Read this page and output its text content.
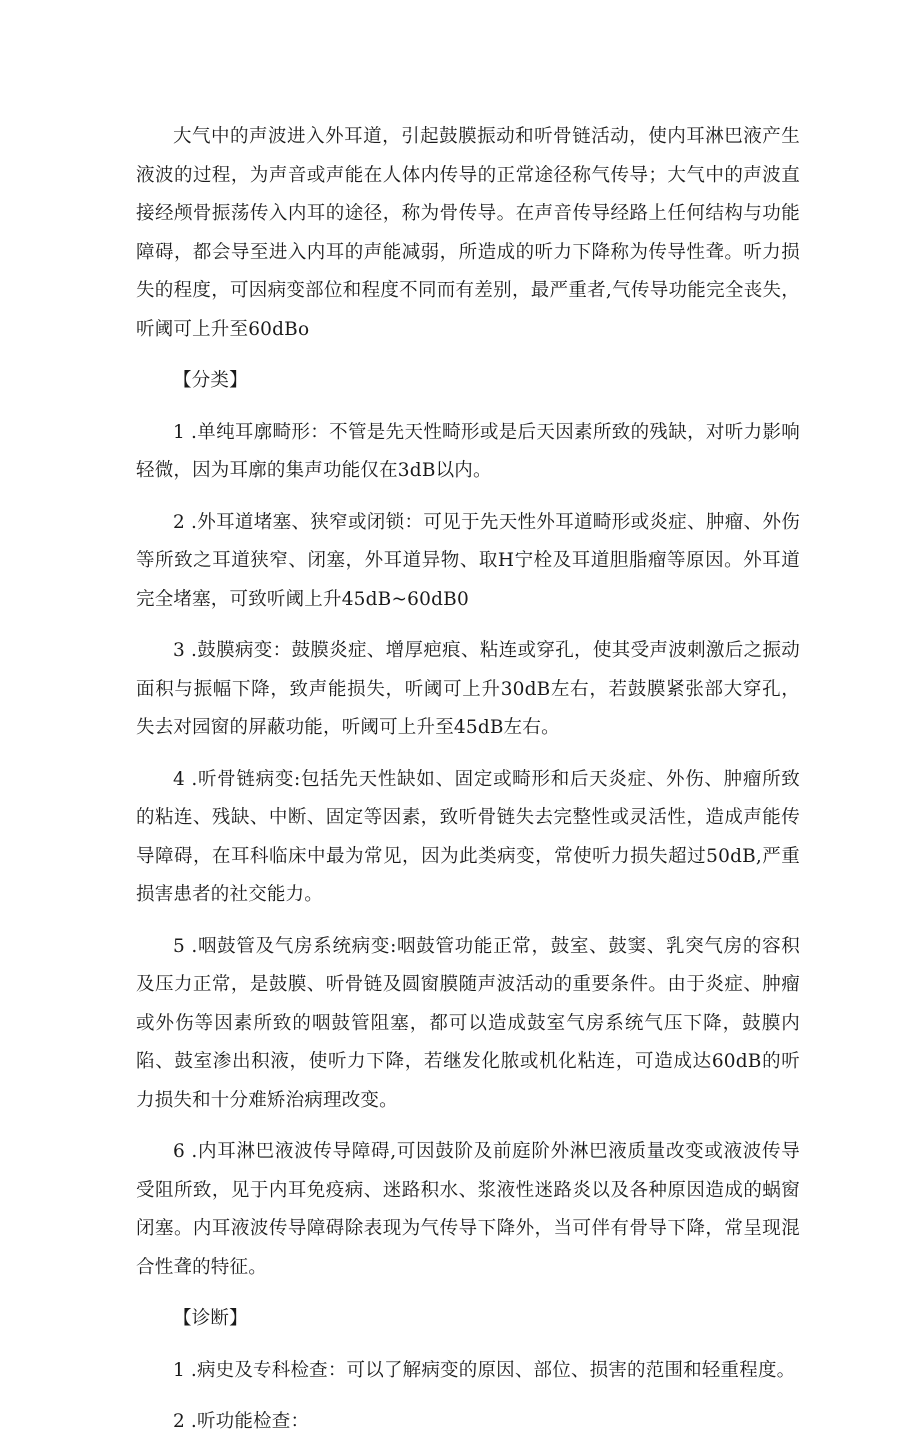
大气中的声波进入外耳道，引起鼓膜振动和听骨链活动，使内耳淋巴液产生液波的过程，为声音或声能在人体内传导的正常途径称气传导；大气中的声波直接经颅骨振荡传入内耳的途径，称为骨传导。在声音传导经路上任何结构与功能障碍，都会导至进入内耳的声能减弱，所造成的听力下降称为传导性聋。听力损失的程度，可因病变部位和程度不同而有差别，最严重者,气传导功能完全丧失，听阈可上升至60dBo

【分类】

1 .单纯耳廓畸形：不管是先天性畸形或是后天因素所致的残缺，对听力影响轻微，因为耳廓的集声功能仅在3dB以内。

2 .外耳道堵塞、狭窄或闭锁：可见于先天性外耳道畸形或炎症、肿瘤、外伤等所致之耳道狭窄、闭塞，外耳道异物、取H宁栓及耳道胆脂瘤等原因。外耳道完全堵塞，可致听阈上升45dB~60dB0

3 .鼓膜病变：鼓膜炎症、增厚疤痕、粘连或穿孔，使其受声波刺激后之振动面积与振幅下降，致声能损失，听阈可上升30dB左右，若鼓膜紧张部大穿孔，失去对园窗的屏蔽功能，听阈可上升至45dB左右。

4 .听骨链病变:包括先天性缺如、固定或畸形和后天炎症、外伤、肿瘤所致的粘连、残缺、中断、固定等因素，致听骨链失去完整性或灵活性，造成声能传导障碍，在耳科临床中最为常见，因为此类病变，常使听力损失超过50dB,严重损害患者的社交能力。

5 .咽鼓管及气房系统病变:咽鼓管功能正常，鼓室、鼓窦、乳突气房的容积及压力正常，是鼓膜、听骨链及圆窗膜随声波活动的重要条件。由于炎症、肿瘤或外伤等因素所致的咽鼓管阻塞，都可以造成鼓室气房系统气压下降，鼓膜内陷、鼓室渗出积液，使听力下降，若继发化脓或机化粘连，可造成达60dB的听力损失和十分难矫治病理改变。

6 .内耳淋巴液波传导障碍,可因鼓阶及前庭阶外淋巴液质量改变或液波传导受阻所致，见于内耳免疫病、迷路积水、浆液性迷路炎以及各种原因造成的蜗窗闭塞。内耳液波传导障碍除表现为气传导下降外，当可伴有骨导下降，常呈现混合性聋的特征。

【诊断】

1 .病史及专科检查：可以了解病变的原因、部位、损害的范围和轻重程度。

2 .听功能检查：
